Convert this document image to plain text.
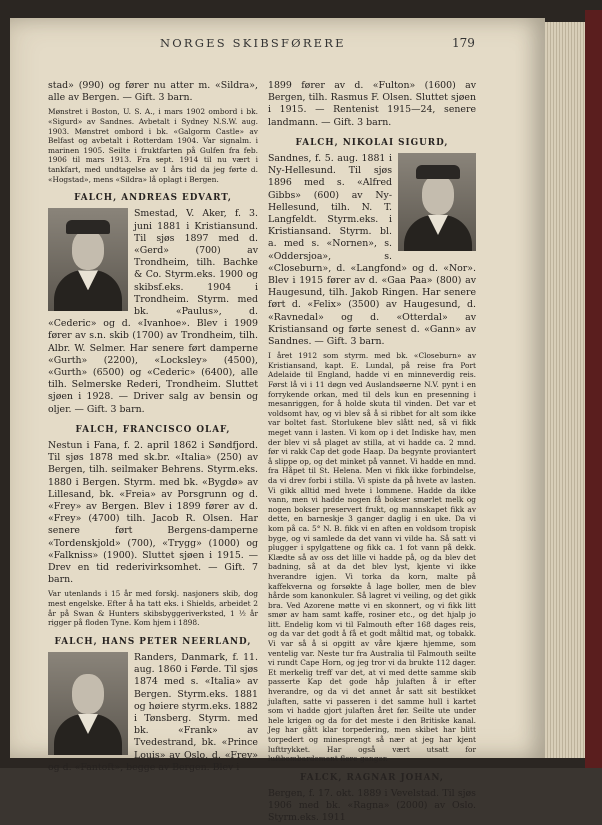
NORGES SKIBSFØRERE	179

stad» (990) og fører nu atter m. «Sildra», alle av Bergen. — Gift. 3 barn.

Mønstret i Boston, U. S. A., i mars 1902 ombord i bk. «Sigurd» av Sandnes. Avbetalt i Sydney N.S.W. aug. 1903. Mønstret ombord i bk. «Galgorm Castle» av Belfast og avbetalt i Rotterdam 1904. Var signalm. i marinen 1905. Seilte i fruktfarten på Gulfen fra feb. 1906 til mars 1913. Fra sept. 1914 til nu vært i tankfart, med undtagelse av 1 års tid da jeg førte d. «Hogstad», mens «Sildra» lå oplagt i Bergen.

FALCH, ANDREAS EDVART,

Smestad, V. Aker, f. 3. juni 1881 i Kristiansund. Til sjøs 1897 med d. «Gerd» (700) av Trondheim, tilh. Bachke & Co. Styrm.eks. 1900 og skibsf.eks. 1904 i Trondheim. Styrm. med bk. «Paulus», d. «Cederic» og d. «Ivanhoe». Blev i 1909 fører av s.n. skib (1700) av Trondheim, tilh. Albr. W. Selmer. Har senere ført damperne «Gurth» (2200), «Locksley» (4500), «Gurth» (6500) og «Cederic» (6400), alle tilh. Selmerske Rederi, Trondheim. Sluttet sjøen i 1928. — Driver salg av bensin og oljer. — Gift. 3 barn.

FALCH, FRANCISCO OLAF,

Nestun i Fana, f. 2. april 1862 i Søndfjord. Til sjøs 1878 med sk.br. «Italia» (250) av Bergen, tilh. seilmaker Behrens. Styrm.eks. 1880 i Bergen. Styrm. med bk. «Bygdø» av Lillesand, bk. «Freia» av Porsgrunn og d. «Frey» av Bergen. Blev i 1899 fører av d. «Frey» (4700) tilh. Jacob R. Olsen. Har senere ført Bergens-damperne «Tordenskjold» (700), «Trygg» (1000) og «Falkniss» (1900). Sluttet sjøen i 1915. — Drev en tid rederivirksomhet. — Gift. 7 barn.

Var utenlands i 15 år med forskj. nasjoners skib, dog mest engelske. Efter å ha tatt eks. i Shields, arbeidet 2 år på Swan & Hunters skibsbyggeriverksted, 1 ½ år rigger på floden Tyne. Kom hjem i 1898.

FALCH, HANS PETER NEERLAND,

Randers, Danmark, f. 11. aug. 1860 i Førde. Til sjøs 1874 med s. «Italia» av Bergen. Styrm.eks. 1881 og høiere styrm.eks. 1882 i Tønsberg. Styrm. med bk. «Frank» av Tvedestrand, bk. «Prince Louis» av Oslo, d. «Frey» og d. «Fantoft», begge av Bergen. Blev i

1899 fører av d. «Fulton» (1600) av Bergen, tilh. Rasmus F. Olsen. Sluttet sjøen i 1915. — Rentenist 1915—24, senere landmann. — Gift. 3 barn.

FALCH, NIKOLAI SIGURD,

Sandnes, f. 5. aug. 1881 i Ny-Hellesund. Til sjøs 1896 med s. «Alfred Gibbs» (600) av Ny-Hellesund, tilh. N. T. Langfeldt. Styrm.eks. i Kristiansand. Styrm. bl. a. med s. «Nornen», s. «Oddersjoa», s. «Closeburn», d. «Langfond» og d. «Nor». Blev i 1915 fører av d. «Gaa Paa» (800) av Haugesund, tilh. Jakob Ringen. Har senere ført d. «Felix» (3500) av Haugesund, d. «Ravnedal» og d. «Otterdal» av Kristiansand og førte senest d. «Gann» av Sandnes. — Gift. 3 barn.

I året 1912 som styrm. med bk. «Closeburn» av Kristiansand, kapt. E. Lundal, på reise fra Port Adelaide til England, hadde vi en minneverdig reis. Først lå vi i 11 døgn ved Auslandsøerne N.V. pynt i en forrykende orkan, med til dels kun en presenning i mesanriggen, for å holde skuta til vinden. Det var et voldsomt hav, og vi blev så å si ribbet for alt som ikke var boltet fast. Storlukene blev slått ned, så vi fikk meget vann i lasten. Vi kom op i det Indiske hav, men der blev vi så plaget av stilla, at vi hadde ca. 2 mnd. før vi rakk Cap det gode Haap. Da begynte proviantert å slippe op, og det minket på vannet. Vi hadde en mnd. fra Håpet til St. Helena. Men vi fikk ikke forbindelse, da vi drev forbi i stilla. Vi spiste da på hvete av lasten. Vi gikk alltid med hvete i lommene. Hadde da ikke vann, men vi hadde nogen få bokser smørlet melk og nogen bokser preservert frukt, og mannskapet fikk av dette, en barneskje 3 ganger daglig i en uke. Da vi kom på ca. 5° N. B. fikk vi en aften en voldsom tropisk byge, og vi samlede da det vann vi vilde ha. Så satt vi plugger i spylgattene og fikk ca. 1 fot vann på dekk. Klædte så av oss det lille vi hadde på, og da blev det badning, så at da det blev lyst, kjente vi ikke hverandre igjen. Vi torka da korn, malte på kaffekverna og forsøkte å lage boller, men de blev hårde som kanonkuler. Så lagret vi veiling, og det gikk bra. Ved Azorene møtte vi en skonnert, og vi fikk litt smør av ham samt kaffe, rosiner etc., og det hjalp jo litt. Endelig kom vi til Falmouth efter 168 dages reis, og da var det godt å få et godt måltid mat, og tobakk. Vi var så å si opgitt av våre kjære hjemme, som ventelig var. Neste tur fra Australia til Falmouth seilte vi rundt Cape Horn, og jeg tror vi da brukte 112 dager. Et merkelig treff var det, at vi med dette samme skib passerte Kap det gode håp julaften å ir efter hverandre, og da vi det annet år satt sit bestikket julaften, satte vi passeren i det samme hull i kartet som vi hadde gjort julaften året før. Seilte ute under hele krigen og da for det meste i den Britiske kanal. Jeg har gått klar torpedering, men skibet har blitt torpedert og minesprengt så nær at jeg har kjent lufttrykket. Har også vært utsatt for luftbombardement flere ganger.

FALCK, RAGNAR JOHAN,

Bergen, f. 17. okt. 1889 i Vevelstad. Til sjøs 1906 med bk. «Ragna» (2000) av Oslo. Styrm.eks. 1911
